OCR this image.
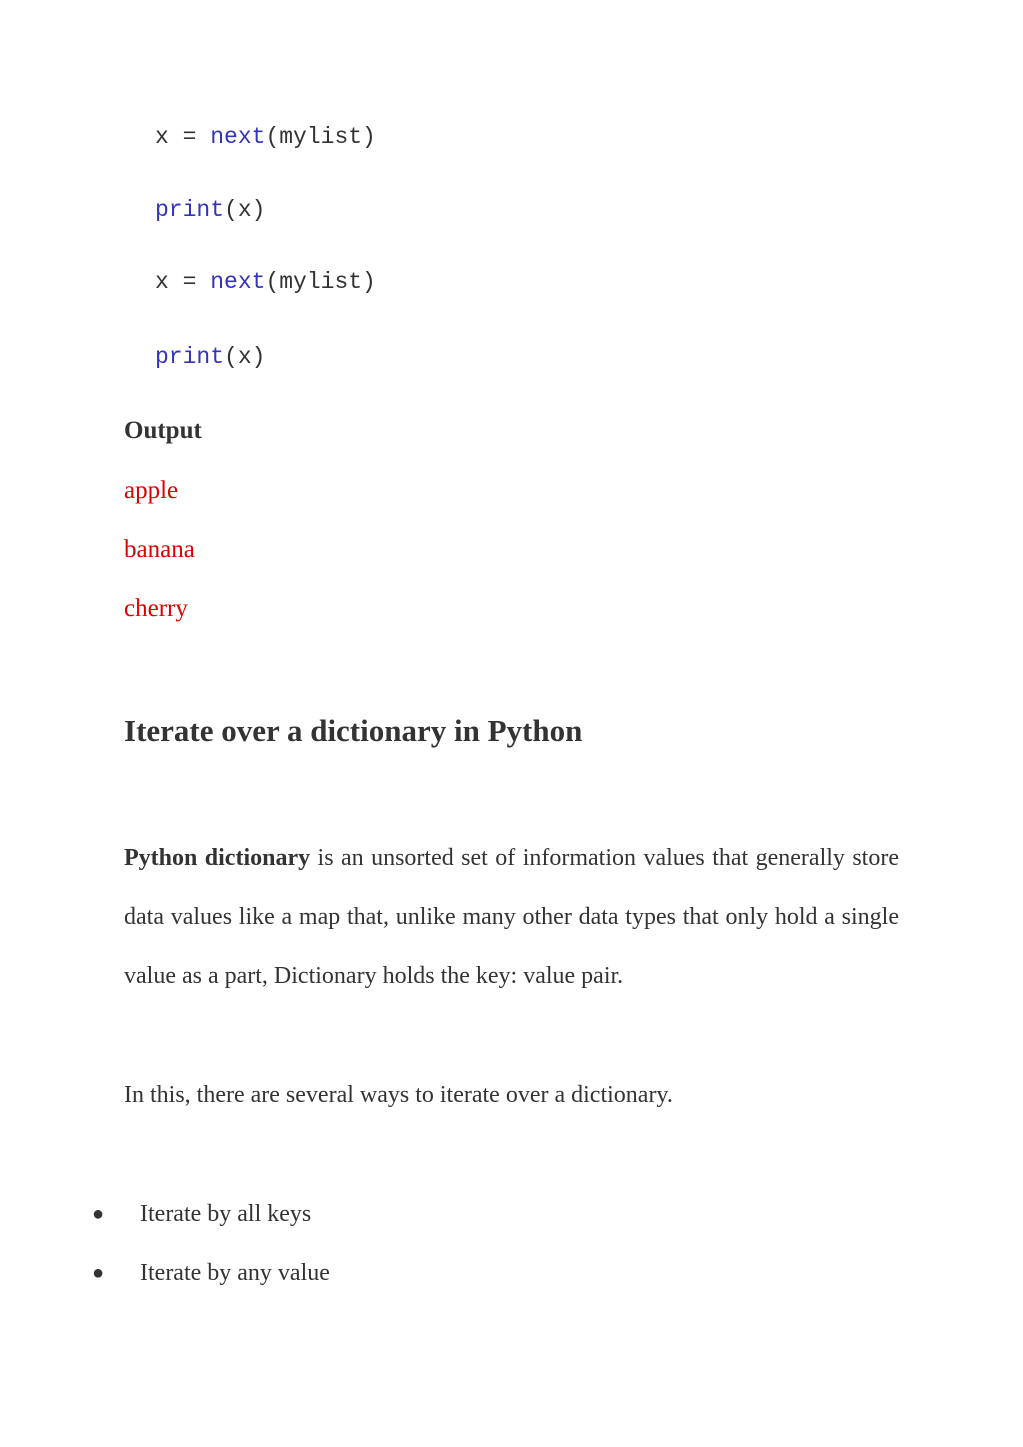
x = next(mylist)
print(x)
x = next(mylist)
print(x)
Output
apple
banana
cherry
Iterate over a dictionary in Python

Python dictionary is an unsorted set of information values that generally store data values like a map that, unlike many other data types that only hold a single value as a part, Dictionary holds the key: value pair.

In this, there are several ways to iterate over a dictionary.

●	Iterate by all keys
●	Iterate by any value
